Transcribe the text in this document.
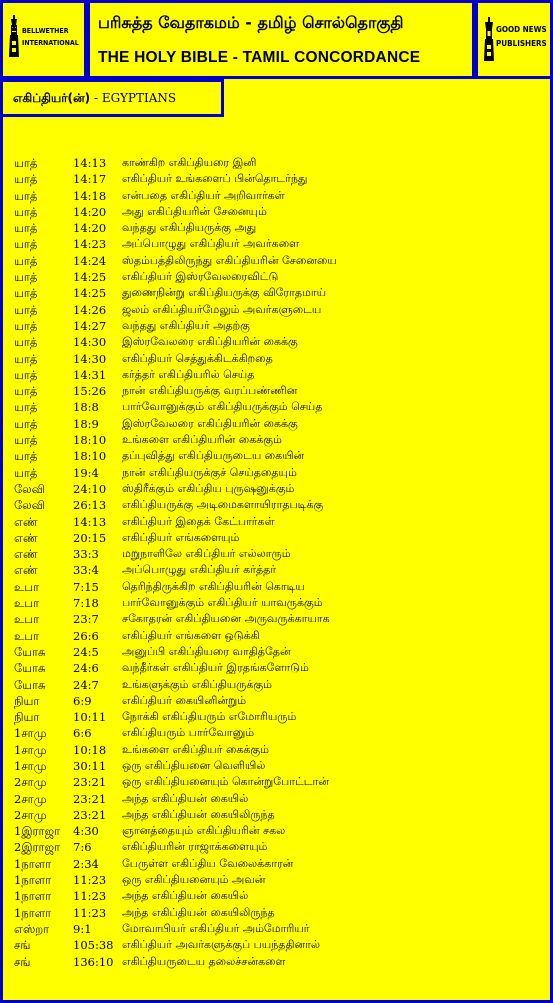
BELLWETHER INTERNATIONAL
பரிசுத்த வேதாகமம் - தமிழ் சொல்தொகுதி
THE HOLY BIBLE - TAMIL CONCORDANCE
GOOD NEWS PUBLISHERS
எகிப்தியர்(ன்) - EGYPTIANS
யாத்	14:13 காண்கிற எகிப்தியரை இனி
யாத்	14:17 எகிப்தியர் உங்களைப் பின்தொடர்ந்து
யாத்	14:18 என்பதை எகிப்தியர் அறிவார்கள்
யாத்	14:20 அது எகிப்தியரின் சேனையும்
யாத்	14:20 வந்தது எகிப்தியருக்கு அது
யாத்	14:23 அப்பொழுது எகிப்தியர் அவர்களை
யாத்	14:24 ஸ்தம்பத்திலிருந்து எகிப்தியரின் சேனையை
யாத்	14:25 எகிப்தியர் இஸ்ரவேலரைவிட்டு
யாத்	14:25 துணைநின்று எகிப்தியருக்கு விரோதமாய்
யாத்	14:26 ஜலம் எகிப்தியர்மேலும் அவர்களுடைய
யாத்	14:27 வந்தது எகிப்தியர் அதற்கு
யாத்	14:30 இஸ்ரவேலரை எகிப்தியரின் கைக்கு
யாத்	14:30 எகிப்தியர் செத்துக்கிடக்கிறதை
யாத்	14:31 கர்த்தர் எகிப்தியரில் செய்த
யாத்	15:26 நான் எகிப்தியருக்கு வரப்பண்ணின
யாத்	18:8 பார்வோனுக்கும் எகிப்தியருக்கும் செய்த
யாத்	18:9 இஸ்ரவேலரை எகிப்தியரின் கைக்கு
யாத்	18:10 உங்களை எகிப்தியரின் கைக்கும்
யாத்	18:10 தப்புவித்து எகிப்தியருடைய கையின்
யாத்	19:4 நான் எகிப்தியருக்குச் செய்ததையும்
லேவி 24:10 ஸ்திரீக்கும் எகிப்திய புருஷனுக்கும்
லேவி 26:13 எகிப்தியருக்கு அடிமைகளாயிராதபடிக்கு
எண்	14:13 எகிப்தியர் இதைக் கேட்பார்கள்
எண்	20:15 எகிப்தியர் எங்களையும்
எண்	33:3 மறுநாளிலே எகிப்தியர் எல்லாரும்
எண்	33:4 அப்பொழுது எகிப்தியர் கர்த்தர்
உபா	7:15 தெரிந்திருக்கிற எகிப்தியரின் கொடிய
உபா	7:18 பார்வோனுக்கும் எகிப்தியர் யாவருக்கும்
உபா	23:7 சகோதரன் எகிப்தியனை அருவருக்காயாக
உபா	26:6 எகிப்தியர் எங்களை ஒடுக்கி
யோசு 24:5 அனுப்பி எகிப்தியரை வாதித்தேன்
யோசு 24:6 வந்தீர்கள் எகிப்தியர் இரதங்களோடும்
யோசு 24:7 உங்களுக்கும் எகிப்தியருக்கும்
நியா	6:9	எகிப்தியர் கையினின்றும்
நியா	10:11 நோக்கி எகிப்தியரும் எமோரியரும்
1சாமு 6:6	எகிப்தியரும் பார்வோனும்
1சாமு 10:18 உங்களை எகிப்தியர் கைக்கும்
1சாமு 30:11 ஒரு எகிப்தியனை வெளியில்
2சாமு 23:21 ஒரு எகிப்தியனையும் கொன்றுபோட்டான்
2சாமு 23:21 அந்த எகிப்தியன் கையில்
2சாமு 23:21 அந்த எகிப்தியன் கையிலிருந்த
1இராஜா 4:30 ஞானத்தையும் எகிப்தியரின் சகல
2இராஜா 7:6	எகிப்தியரின் ராஜாக்களையும்
1நாளா 2:34 பேருள்ள எகிப்திய வேலைக்காரன்
1நாளா 11:23 ஒரு எகிப்தியனையும் அவன்
1நாளா 11:23 அந்த எகிப்தியன் கையில்
1நாளா 11:23 அந்த எகிப்தியன் கையிலிருந்த
எஸ்றா 9:1	மோவாபியர் எகிப்தியர் அம்மோரியர்
சங்	105:38 எகிப்தியர் அவர்களுக்குப் பயந்ததினால்
சங்	136:10 எகிப்தியருடைய தலைச்சன்களை
